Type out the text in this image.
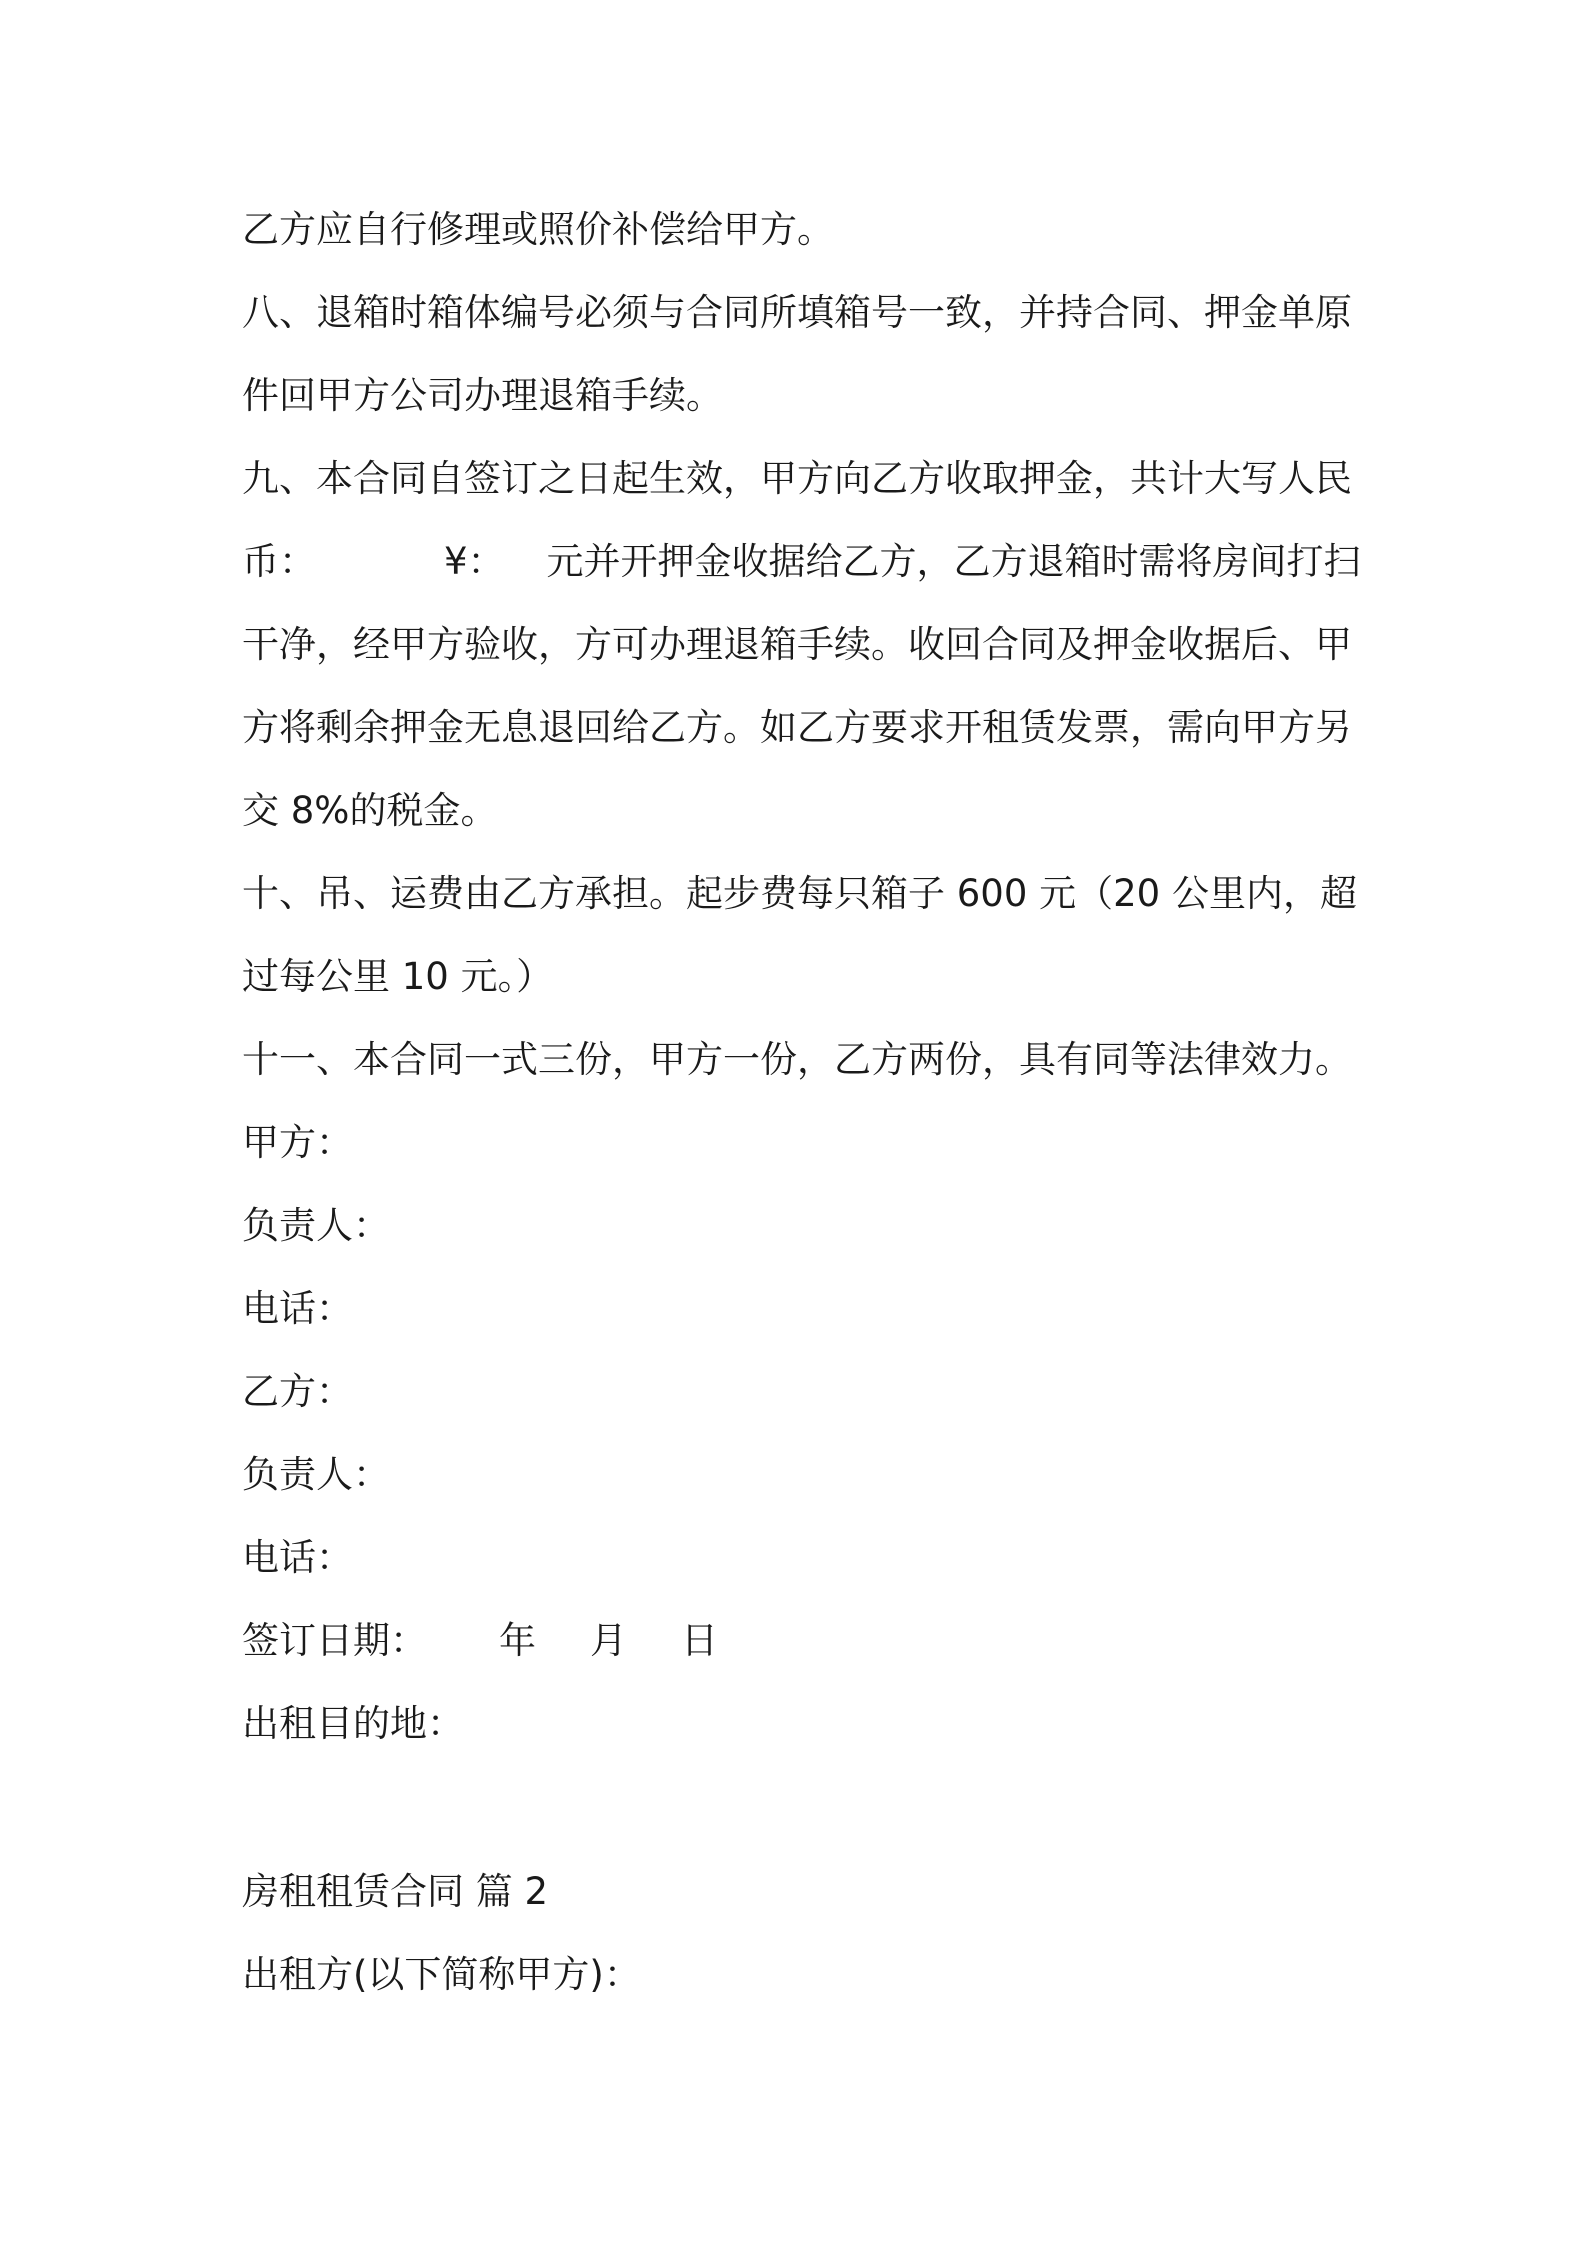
乙方应自行修理或照价补偿给甲方。
八、退箱时箱体编号必须与合同所填箱号一致，并持合同、押金单原
件回甲方公司办理退箱手续。
九、本合同自签订之日起生效，甲方向乙方收取押金，共计大写人民
币：	¥： 元并开押金收据给乙方，乙方退箱时需将房间打扫
干净，经甲方验收，方可办理退箱手续。收回合同及押金收据后、甲
方将剩余押金无息退回给乙方。如乙方要求开租赁发票，需向甲方另
交 8%的税金。
十、吊、运费由乙方承担。起步费每只箱子 600 元（20 公里内，超
过每公里 10 元。）
十一、本合同一式三份，甲方一份，乙方两份，具有同等法律效力。
甲方：
负责人：
电话：
乙方：
负责人：
电话：
签订日期： 年 月 日
出租目的地：
房租租赁合同 篇 2
出租方(以下简称甲方)：
